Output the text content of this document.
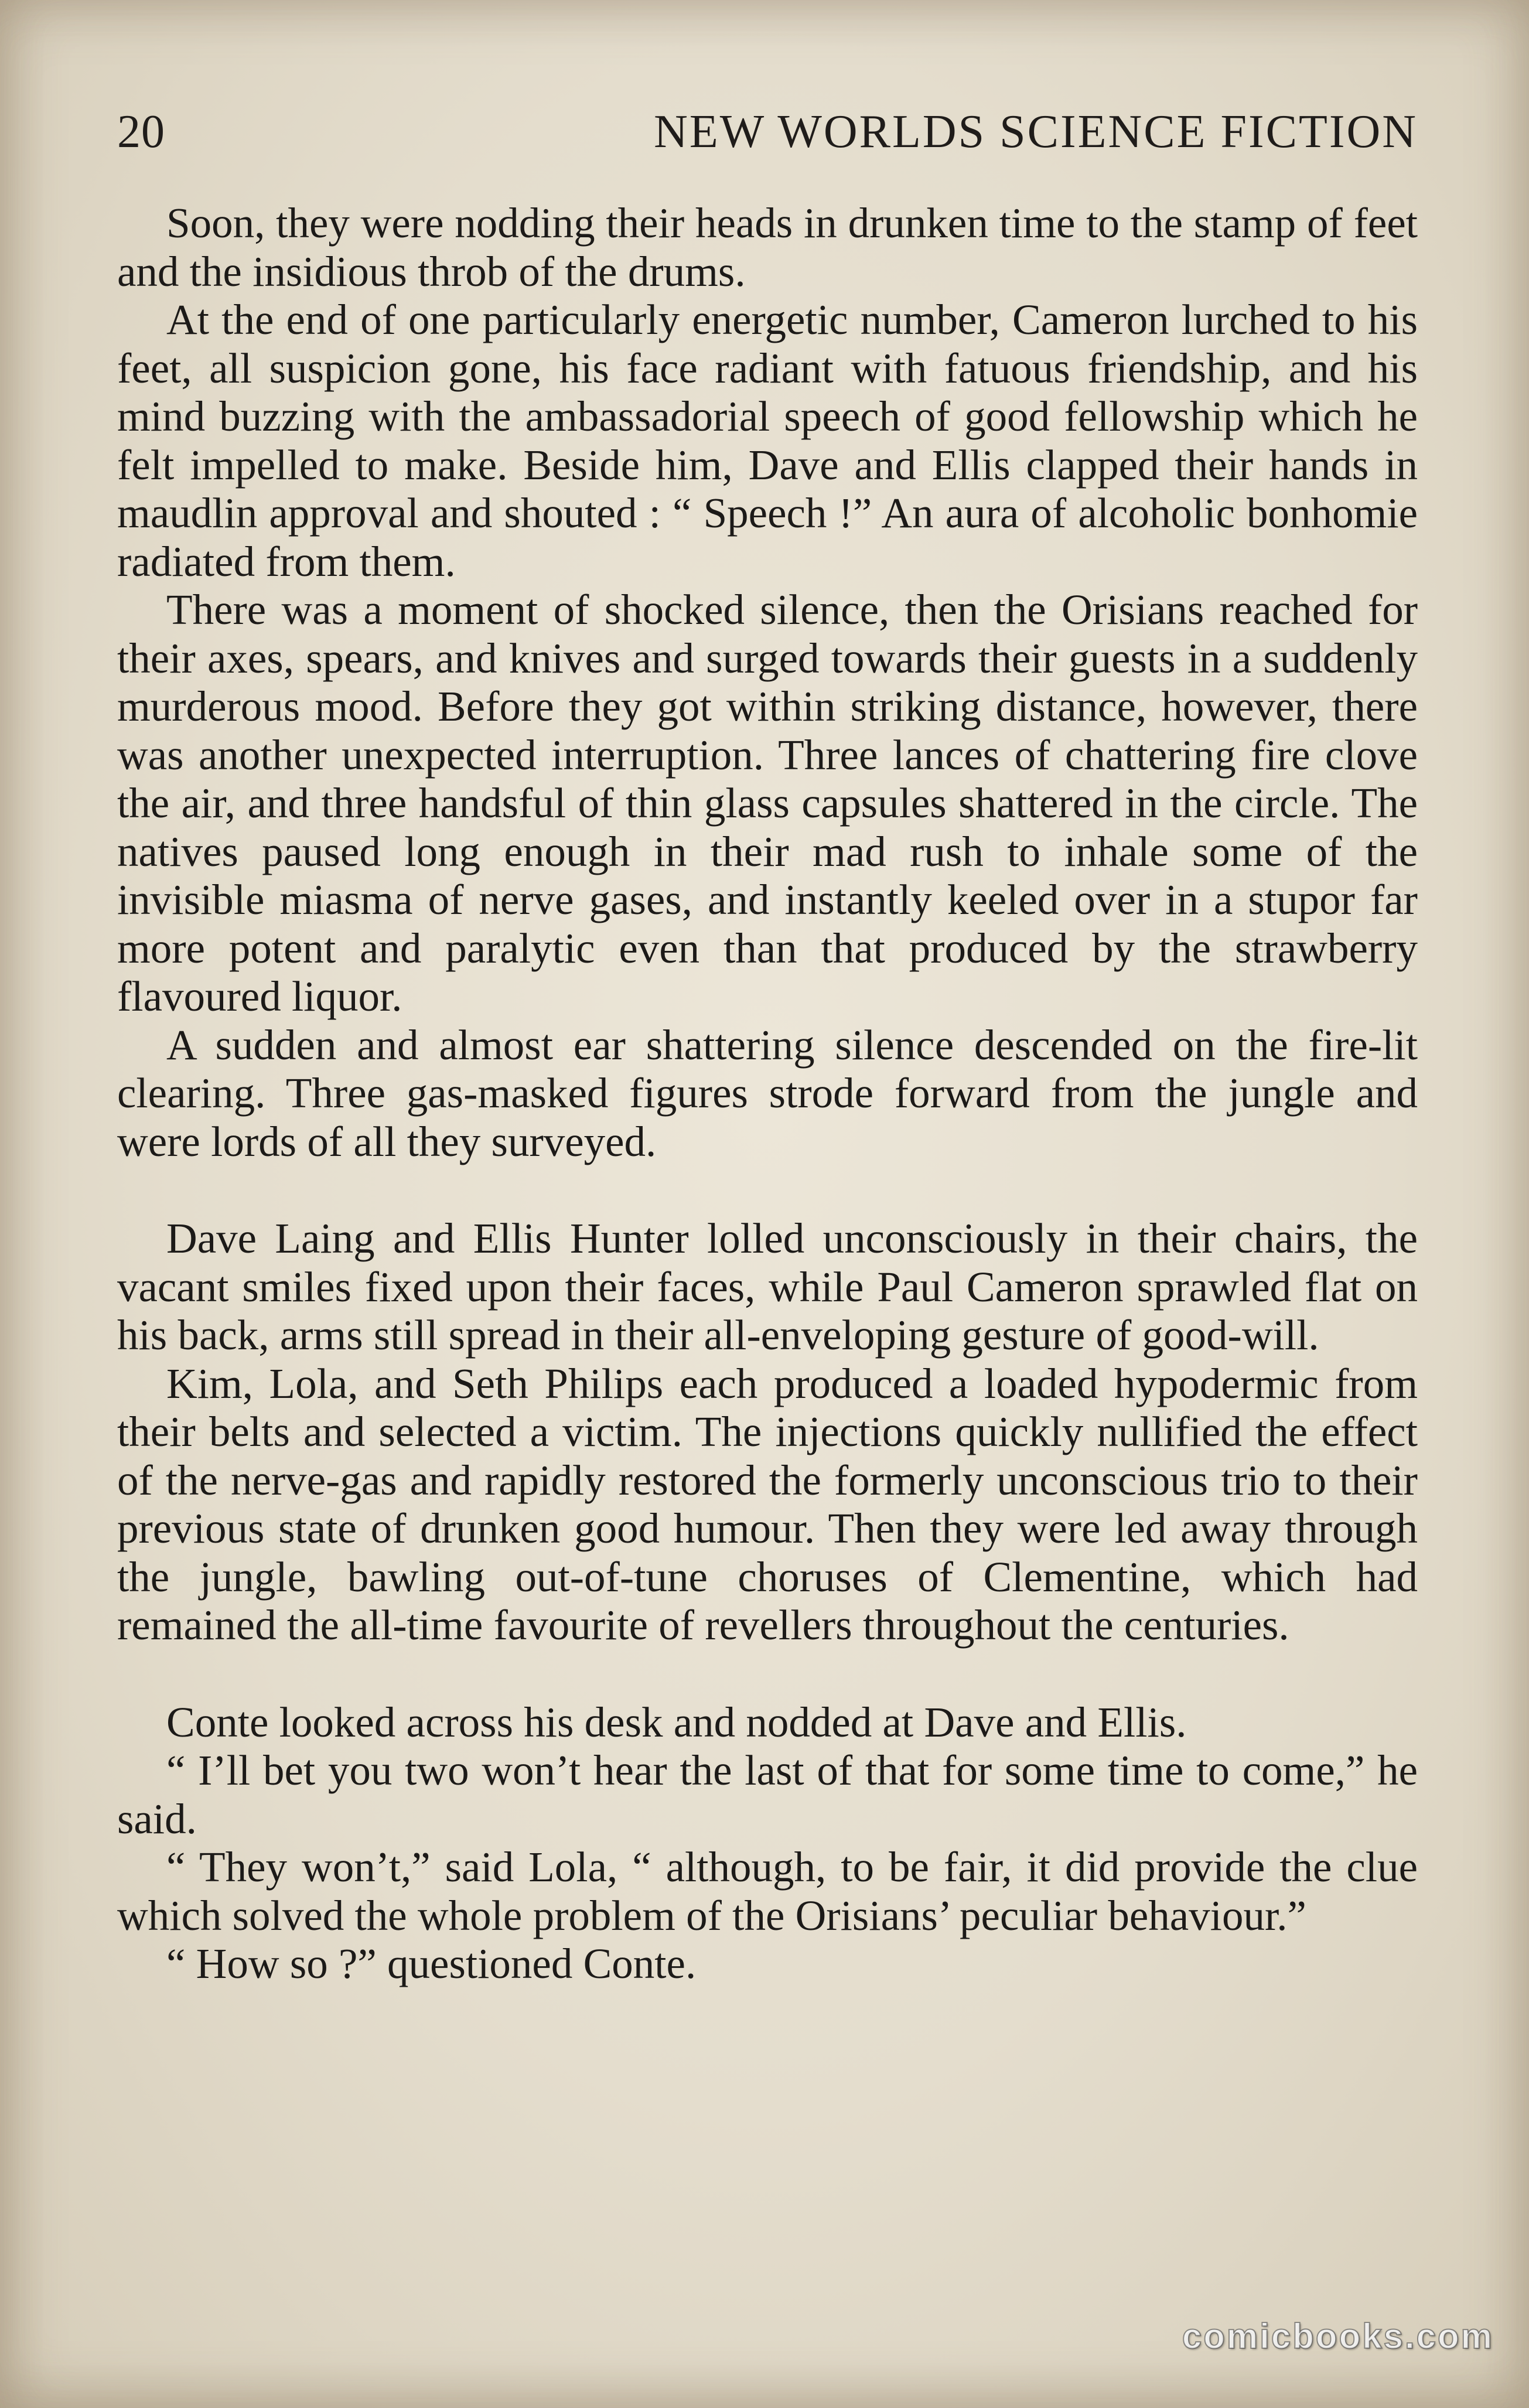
20	NEW WORLDS SCIENCE FICTION

Soon, they were nodding their heads in drunken time to the stamp of feet and the insidious throb of the drums.

At the end of one particularly energetic number, Cameron lurched to his feet, all suspicion gone, his face radiant with fatuous friendship, and his mind buzzing with the ambassadorial speech of good fellowship which he felt impelled to make. Beside him, Dave and Ellis clapped their hands in maudlin approval and shouted : “ Speech !” An aura of alcoholic bonhomie radiated from them.

There was a moment of shocked silence, then the Orisians reached for their axes, spears, and knives and surged towards their guests in a suddenly murderous mood. Before they got within striking distance, however, there was another unexpected interruption. Three lances of chattering fire clove the air, and three handsful of thin glass capsules shattered in the circle. The natives paused long enough in their mad rush to inhale some of the invisible miasma of nerve gases, and instantly keeled over in a stupor far more potent and paralytic even than that produced by the strawberry flavoured liquor.

A sudden and almost ear shattering silence descended on the fire-lit clearing. Three gas-masked figures strode forward from the jungle and were lords of all they surveyed.

Dave Laing and Ellis Hunter lolled unconsciously in their chairs, the vacant smiles fixed upon their faces, while Paul Cameron sprawled flat on his back, arms still spread in their all-enveloping gesture of good-will.

Kim, Lola, and Seth Philips each produced a loaded hypodermic from their belts and selected a victim. The injections quickly nullified the effect of the nerve-gas and rapidly restored the formerly unconscious trio to their previous state of drunken good humour. Then they were led away through the jungle, bawling out-of-tune choruses of Clementine, which had remained the all-time favourite of revellers throughout the centuries.

Conte looked across his desk and nodded at Dave and Ellis.

“ I’ll bet you two won’t hear the last of that for some time to come,” he said.

“ They won’t,” said Lola, “ although, to be fair, it did provide the clue which solved the whole problem of the Orisians’ peculiar behaviour.”

“ How so ?” questioned Conte.

comicbooks.com
